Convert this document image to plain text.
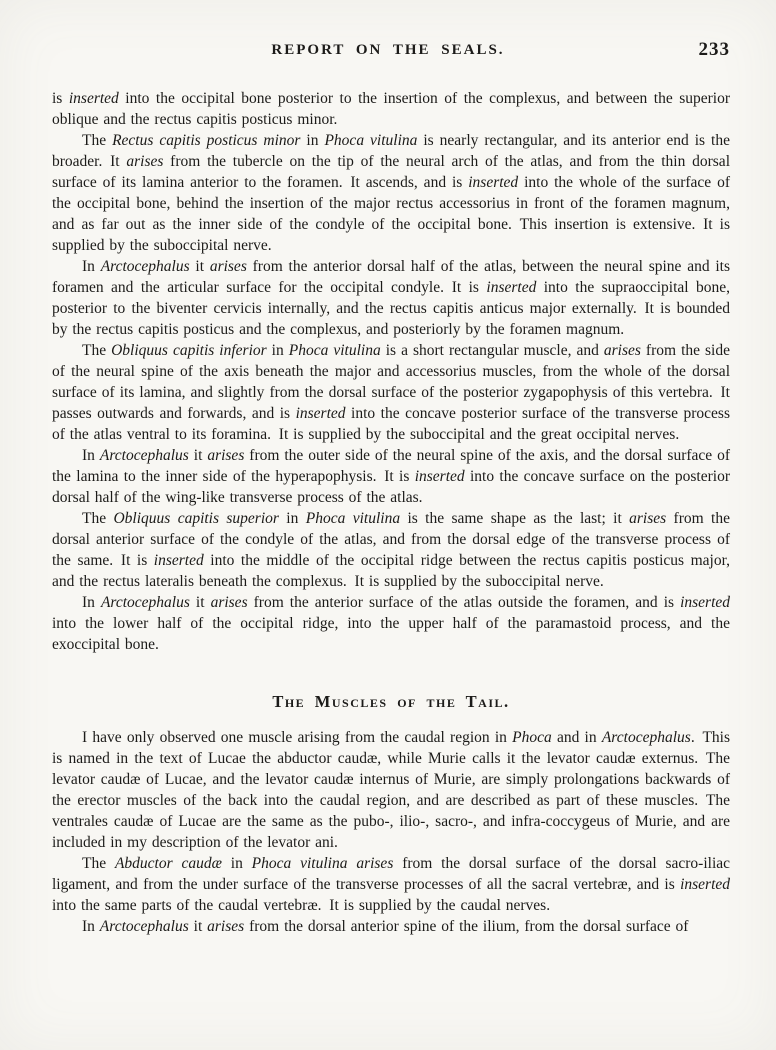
REPORT ON THE SEALS.	233

is inserted into the occipital bone posterior to the insertion of the complexus, and between the superior oblique and the rectus capitis posticus minor.

The Rectus capitis posticus minor in Phoca vitulina is nearly rectangular, and its anterior end is the broader. It arises from the tubercle on the tip of the neural arch of the atlas, and from the thin dorsal surface of its lamina anterior to the foramen. It ascends, and is inserted into the whole of the surface of the occipital bone, behind the insertion of the major rectus accessorius in front of the foramen magnum, and as far out as the inner side of the condyle of the occipital bone. This insertion is extensive. It is supplied by the suboccipital nerve.

In Arctocephalus it arises from the anterior dorsal half of the atlas, between the neural spine and its foramen and the articular surface for the occipital condyle. It is inserted into the supraoccipital bone, posterior to the biventer cervicis internally, and the rectus capitis anticus major externally. It is bounded by the rectus capitis posticus and the complexus, and posteriorly by the foramen magnum.

The Obliquus capitis inferior in Phoca vitulina is a short rectangular muscle, and arises from the side of the neural spine of the axis beneath the major and accessorius muscles, from the whole of the dorsal surface of its lamina, and slightly from the dorsal surface of the posterior zygapophysis of this vertebra. It passes outwards and forwards, and is inserted into the concave posterior surface of the transverse process of the atlas ventral to its foramina. It is supplied by the suboccipital and the great occipital nerves.

In Arctocephalus it arises from the outer side of the neural spine of the axis, and the dorsal surface of the lamina to the inner side of the hyperapophysis. It is inserted into the concave surface on the posterior dorsal half of the wing-like transverse process of the atlas.

The Obliquus capitis superior in Phoca vitulina is the same shape as the last; it arises from the dorsal anterior surface of the condyle of the atlas, and from the dorsal edge of the transverse process of the same. It is inserted into the middle of the occipital ridge between the rectus capitis posticus major, and the rectus lateralis beneath the complexus. It is supplied by the suboccipital nerve.

In Arctocephalus it arises from the anterior surface of the atlas outside the foramen, and is inserted into the lower half of the occipital ridge, into the upper half of the paramastoid process, and the exoccipital bone.

The Muscles of the Tail.

I have only observed one muscle arising from the caudal region in Phoca and in Arctocephalus. This is named in the text of Lucae the abductor caudæ, while Murie calls it the levator caudæ externus. The levator caudæ of Lucae, and the levator caudæ internus of Murie, are simply prolongations backwards of the erector muscles of the back into the caudal region, and are described as part of these muscles. The ventrales caudæ of Lucae are the same as the pubo-, ilio-, sacro-, and infra-coccygeus of Murie, and are included in my description of the levator ani.

The Abductor caudæ in Phoca vitulina arises from the dorsal surface of the dorsal sacro-iliac ligament, and from the under surface of the transverse processes of all the sacral vertebræ, and is inserted into the same parts of the caudal vertebræ. It is supplied by the caudal nerves.

In Arctocephalus it arises from the dorsal anterior spine of the ilium, from the dorsal surface of
